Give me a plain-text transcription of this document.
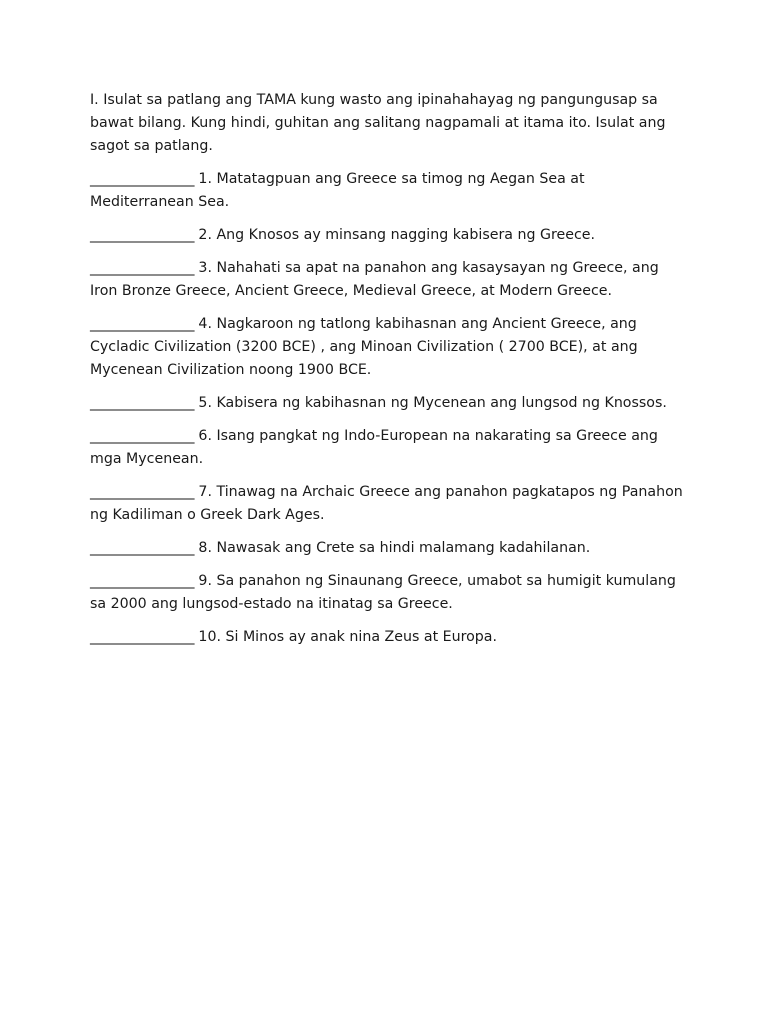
I. Isulat sa patlang ang TAMA kung wasto ang ipinahahayag ng pangungusap sa bawat bilang. Kung hindi, guhitan ang salitang nagpamali at itama ito. Isulat ang sagot sa patlang.

________________ 1. Matatagpuan ang Greece sa timog ng Aegan Sea at Mediterranean Sea.

________________ 2. Ang Knosos ay minsang nagging kabisera ng Greece.

________________ 3. Nahahati sa apat na panahon ang kasaysayan ng Greece, ang Iron Bronze Greece, Ancient Greece, Medieval Greece, at Modern Greece.

________________ 4. Nagkaroon ng tatlong kabihasnan ang Ancient Greece, ang Cycladic Civilization (3200 BCE) , ang Minoan Civilization ( 2700 BCE), at ang Mycenean Civilization noong 1900 BCE.

________________ 5. Kabisera ng kabihasnan ng Mycenean ang lungsod ng Knossos.

________________ 6. Isang pangkat ng Indo-European na nakarating sa Greece ang mga Mycenean.

________________ 7. Tinawag na Archaic Greece ang panahon pagkatapos ng Panahon ng Kadiliman o Greek Dark Ages.

________________ 8. Nawasak ang Crete sa hindi malamang kadahilanan.

________________ 9. Sa panahon ng Sinaunang Greece, umabot sa humigit kumulang sa 2000 ang lungsod-estado na itinatag sa Greece.

________________ 10. Si Minos ay anak nina Zeus at Europa.
